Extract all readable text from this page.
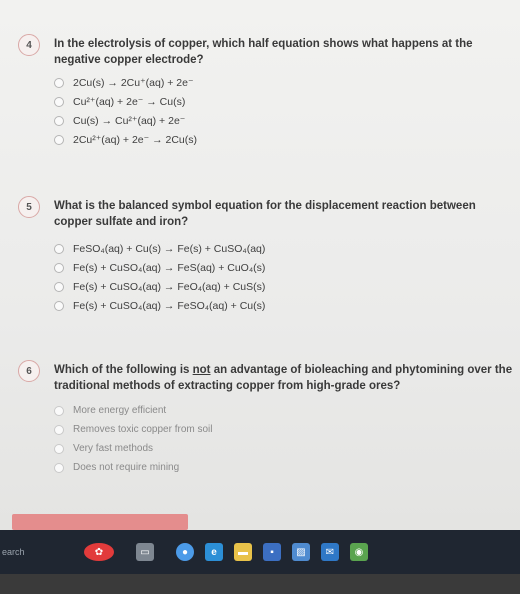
4	In the electrolysis of copper, which half equation shows what happens at the negative copper electrode?
2Cu(s) → 2Cu⁺(aq) + 2e⁻
Cu²⁺(aq) + 2e⁻ → Cu(s)
Cu(s) → Cu²⁺(aq) + 2e⁻
2Cu²⁺(aq) + 2e⁻ → 2Cu(s)
5	What is the balanced symbol equation for the displacement reaction between copper sulfate and iron?
FeSO₄(aq) + Cu(s) → Fe(s) + CuSO₄(aq)
Fe(s) + CuSO₄(aq) → FeS(aq) + CuO₄(s)
Fe(s) + CuSO₄(aq) → FeO₄(aq) + CuS(s)
Fe(s) + CuSO₄(aq) → FeSO₄(aq) + Cu(s)
6	Which of the following is not an advantage of bioleaching and phytomining over the traditional methods of extracting copper from high-grade ores?
More energy efficient
Removes toxic copper from soil
Very fast methods
Does not require mining
earch	✿	▭	●	e	▬	▪	▨	✉	◉
